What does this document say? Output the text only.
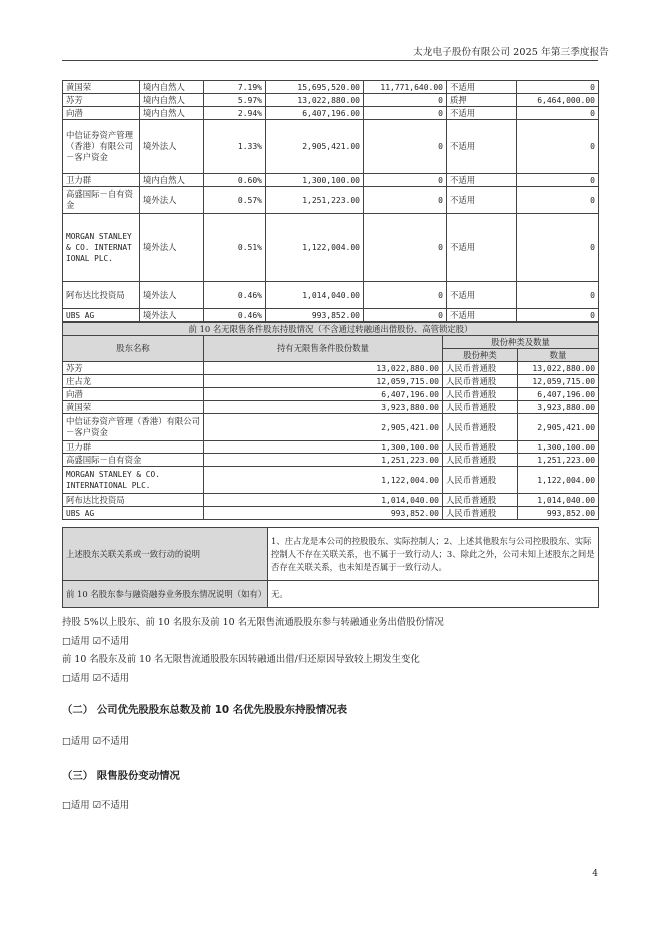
太龙电子股份有限公司 2025 年第三季度报告
黄国荣	境内自然人	7.19%	15,695,520.00	11,771,640.00	不适用	0
苏芳	境内自然人	5.97%	13,022,880.00	0	质押	6,464,000.00
向潜	境内自然人	2.94%	6,407,196.00	0	不适用	0
中信证券资产管理（香港）有限公司－客户资金	境外法人	1.33%	2,905,421.00	0	不适用	0
卫力群	境内自然人	0.60%	1,300,100.00	0	不适用	0
高盛国际－自有资金	境外法人	0.57%	1,251,223.00	0	不适用	0
MORGAN STANLEY & CO. INTERNATIONAL PLC.	境外法人	0.51%	1,122,004.00	0	不适用	0
阿布达比投资局	境外法人	0.46%	1,014,040.00	0	不适用	0
UBS AG	境外法人	0.46%	993,852.00	0	不适用	0
前 10 名无限售条件股东持股情况（不含通过转融通出借股份、高管锁定股）			
股东名称	持有无限售条件股份数量	股份种类及数量	
		股份种类	数量
苏芳	13,022,880.00	人民币普通股	13,022,880.00
庄占龙	12,059,715.00	人民币普通股	12,059,715.00
向潜	6,407,196.00	人民币普通股	6,407,196.00
黄国荣	3,923,880.00	人民币普通股	3,923,880.00
中信证券资产管理（香港）有限公司－客户资金	2,905,421.00	人民币普通股	2,905,421.00
卫力群	1,300,100.00	人民币普通股	1,300,100.00
高盛国际－自有资金	1,251,223.00	人民币普通股	1,251,223.00
MORGAN STANLEY & CO. INTERNATIONAL PLC.	1,122,004.00	人民币普通股	1,122,004.00
阿布达比投资局	1,014,040.00	人民币普通股	1,014,040.00
UBS AG	993,852.00	人民币普通股	993,852.00
上述股东关联关系或一致行动的说明	1、庄占龙是本公司的控股股东、实际控制人；2、上述其他股东与公司控股股东、实际控制人不存在关联关系，也不属于一致行动人；3、除此之外，公司未知上述股东之间是否存在关联关系，也未知是否属于一致行动人。
前 10 名股东参与融资融券业务股东情况说明（如有）	无。
持股 5%以上股东、前 10 名股东及前 10 名无限售流通股股东参与转融通业务出借股份情况
□适用 ☑不适用
前 10 名股东及前 10 名无限售流通股股东因转融通出借/归还原因导致较上期发生变化
□适用 ☑不适用
（二） 公司优先股股东总数及前 10 名优先股股东持股情况表
□适用 ☑不适用
（三） 限售股份变动情况
□适用 ☑不适用
4
